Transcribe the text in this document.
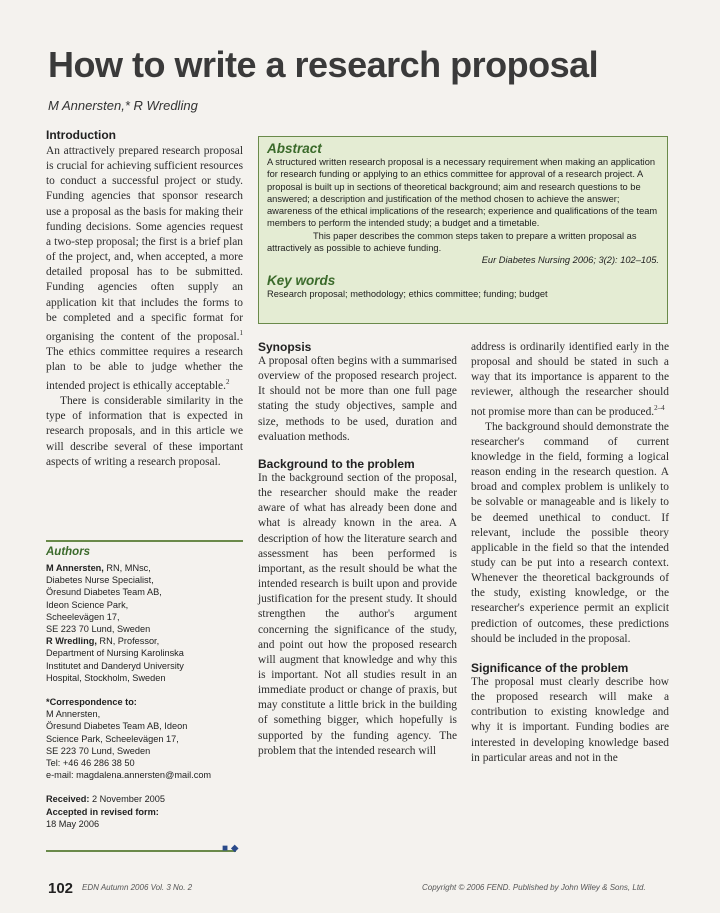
How to write a research proposal
M Annersten,* R Wredling
Introduction

An attractively prepared research proposal is crucial for achieving sufficient resources to conduct a successful project or study. Funding agencies that sponsor research use a proposal as the basis for making their funding decisions. Some agencies request a two-step proposal; the first is a brief plan of the project, and, when accepted, a more detailed proposal has to be submitted. Funding agencies often supply an application kit that includes the forms to be completed and a specific format for organising the content of the proposal.$^1$ The ethics committee requires a research plan to be able to judge whether the intended project is ethically acceptable.$^2$

There is considerable similarity in the type of information that is expected in research proposals, and in this article we will describe several of these important aspects of writing a research proposal.

Abstract
A structured written research proposal is a necessary requirement when making an application for research funding or applying to an ethics committee for approval of a research project. A proposal is built up in sections of theoretical background; aim and research questions to be answered; a description and justification of the method chosen to achieve the answer; awareness of the ethical implications of the research; experience and qualifications of the team members to perform the intended study; a budget and a timetable.
This paper describes the common steps taken to prepare a written proposal as attractively as possible to achieve funding.
Eur Diabetes Nursing 2006; 3(2): 102–105.
Key words
Research proposal; methodology; ethics committee; funding; budget
Synopsis
A proposal often begins with a summarised overview of the proposed research project. It should not be more than one full page stating the study objectives, sample and size, methods to be used, duration and evaluation methods.
Background to the problem
In the background section of the proposal, the researcher should make the reader aware of what has already been done and what is already known in the area. A description of how the literature search and assessment has been performed is important, as the result should be what the intended research is built upon and provide justification for the present study. It should strengthen the author's argument concerning the significance of the study, and point out how the proposed research will augment that knowledge and why this is important. Not all studies result in an immediate product or change of praxis, but may constitute a little brick in the building of something bigger, which hopefully is supported by the funding agency. The problem that the intended research will

address is ordinarily identified early in the proposal and should be stated in such a way that its importance is apparent to the reviewer, although the researcher should not promise more than can be produced.$^{2-4}$

The background should demonstrate the researcher's command of current knowledge in the field, forming a logical reason ending in the research question. A broad and complex problem is unlikely to be solvable or manageable and is likely to be deemed unethical to conduct. If relevant, include the possible theory applicable in the field so that the intended study can be put into a research context. Whenever the theoretical backgrounds of the study, existing knowledge, or the researcher's experience permit an explicit prediction of outcomes, these predictions should be included in the proposal.

Significance of the problem
The proposal must clearly describe how the proposed research will make a contribution to existing knowledge and why it is important. Funding bodies are interested in developing knowledge based in particular areas and not in the
Authors
M Annersten, RN, MNsc,
Diabetes Nurse Specialist,
Öresund Diabetes Team AB,
Ideon Science Park,
Scheelevägen 17,
SE 223 70 Lund, Sweden
R Wredling, RN, Professor,
Department of Nursing Karolinska
Institutet and Danderyd University
Hospital, Stockholm, Sweden
*Correspondence to:
M Annersten,
Öresund Diabetes Team AB, Ideon
Science Park, Scheelevägen 17,
SE 223 70 Lund, Sweden
Tel: +46 46 286 38 50
e-mail: magdalena.annersten@mail.com
Received: 2 November 2005
Accepted in revised form:
18 May 2006
■ ◆
102 EDN Autumn 2006 Vol. 3 No. 2	Copyright © 2006 FEND. Published by John Wiley & Sons, Ltd.
